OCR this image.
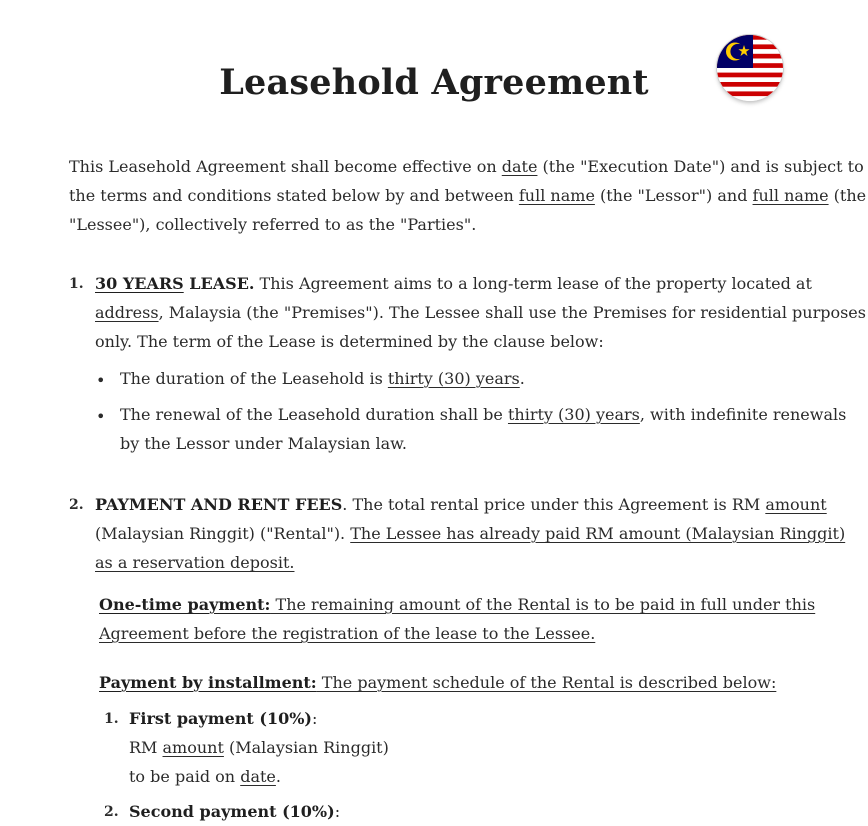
Leasehold Agreement
This Leasehold Agreement shall become effective on date (the "Execution Date") and is subject to
the terms and conditions stated below by and between full name (the "Lessor") and full name (the
"Lessee"), collectively referred to as the "Parties".
1. 30 YEARS LEASE. This Agreement aims to a long-term lease of the property located at
address, Malaysia (the "Premises"). The Lessee shall use the Premises for residential purposes
only. The term of the Lease is determined by the clause below:
• The duration of the Leasehold is thirty (30) years.
• The renewal of the Leasehold duration shall be thirty (30) years, with indefinite renewals
by the Lessor under Malaysian law.
2. PAYMENT AND RENT FEES. The total rental price under this Agreement is RM amount
(Malaysian Ringgit) ("Rental"). The Lessee has already paid RM amount (Malaysian Ringgit)
as a reservation deposit.
One-time payment: The remaining amount of the Rental is to be paid in full under this
Agreement before the registration of the lease to the Lessee.
Payment by installment: The payment schedule of the Rental is described below:
1. First payment (10%):
RM amount (Malaysian Ringgit)
to be paid on date.
2. Second payment (10%):
